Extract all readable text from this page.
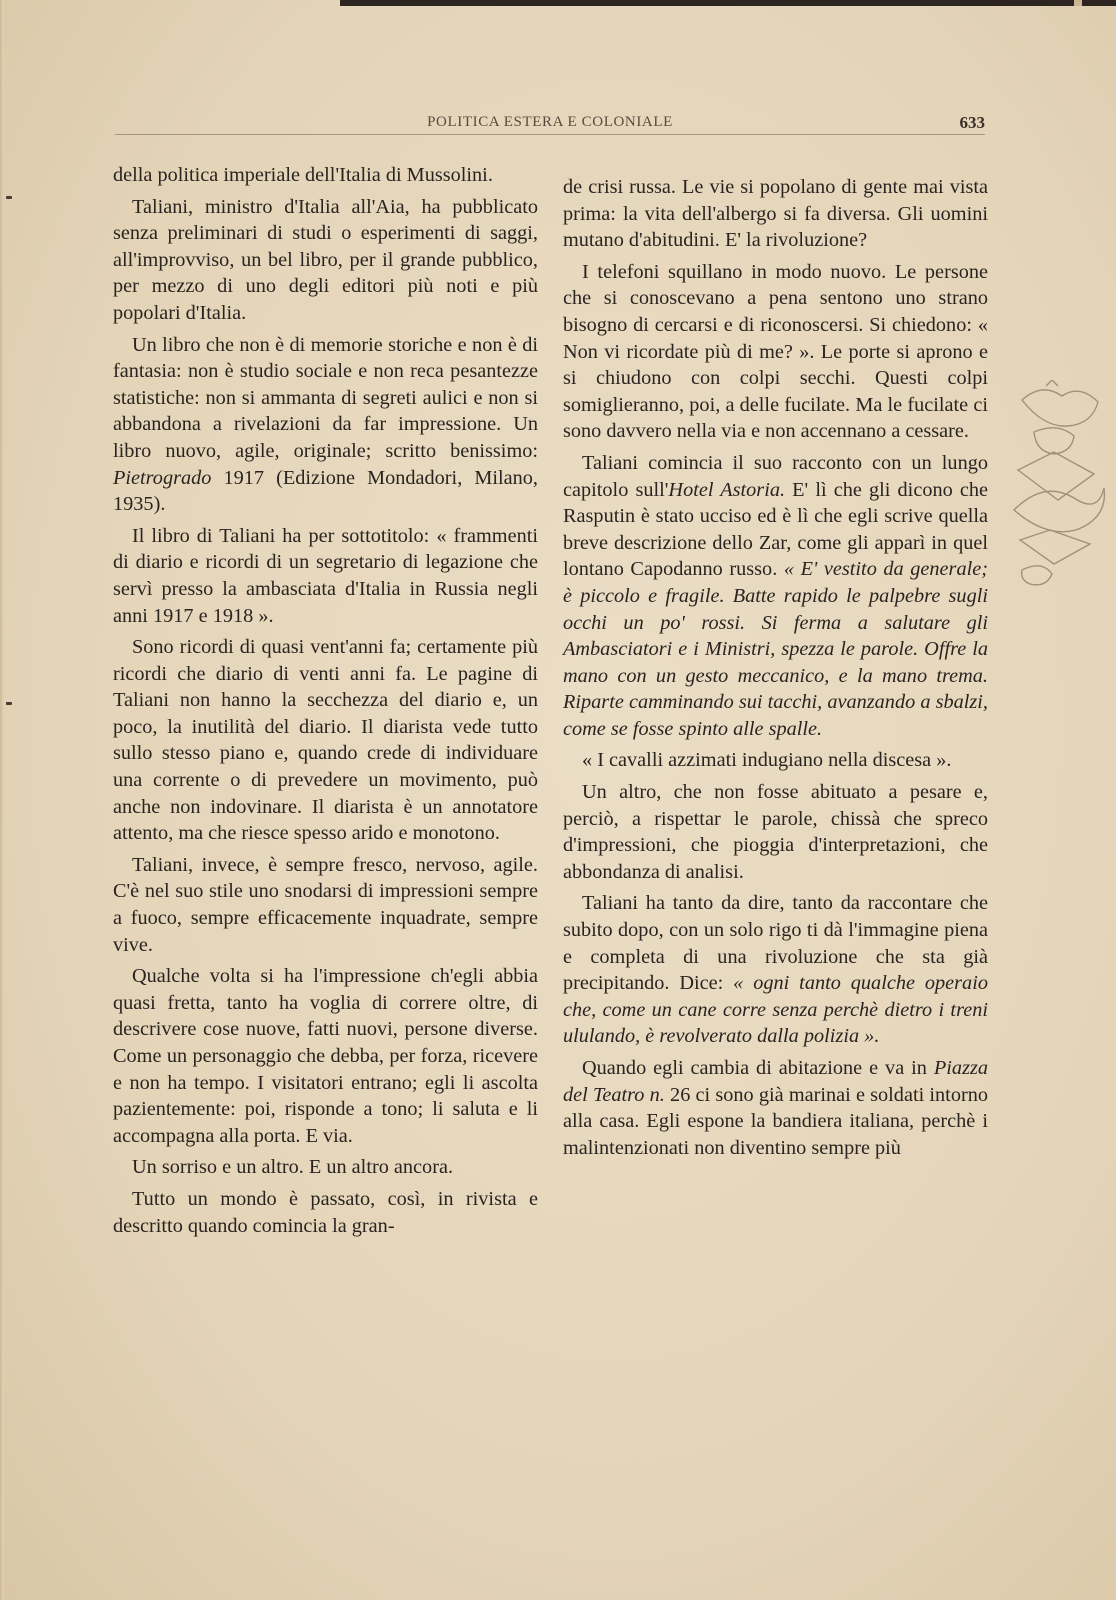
POLITICA ESTERA E COLONIALE	633

della politica imperiale dell'Italia di Mussolini.

Taliani, ministro d'Italia all'Aia, ha pubblicato senza preliminari di studi o esperimenti di saggi, all'improvviso, un bel libro, per il grande pubblico, per mezzo di uno degli editori più noti e più popolari d'Italia.

Un libro che non è di memorie storiche e non è di fantasia: non è studio sociale e non reca pesantezze statistiche: non si ammanta di segreti aulici e non si abbandona a rivelazioni da far impressione. Un libro nuovo, agile, originale; scritto benissimo: Pietrogrado 1917 (Edizione Mondadori, Milano, 1935).

Il libro di Taliani ha per sottotitolo: « frammenti di diario e ricordi di un segretario di legazione che servì presso la ambasciata d'Italia in Russia negli anni 1917 e 1918 ».

Sono ricordi di quasi vent'anni fa; certamente più ricordi che diario di venti anni fa. Le pagine di Taliani non hanno la secchezza del diario e, un poco, la inutilità del diario. Il diarista vede tutto sullo stesso piano e, quando crede di individuare una corrente o di prevedere un movimento, può anche non indovinare. Il diarista è un annotatore attento, ma che riesce spesso arido e monotono.

Taliani, invece, è sempre fresco, nervoso, agile. C'è nel suo stile uno snodarsi di impressioni sempre a fuoco, sempre efficacemente inquadrate, sempre vive.

Qualche volta si ha l'impressione ch'egli abbia quasi fretta, tanto ha voglia di correre oltre, di descrivere cose nuove, fatti nuovi, persone diverse. Come un personaggio che debba, per forza, ricevere e non ha tempo. I visitatori entrano; egli li ascolta pazientemente: poi, risponde a tono; li saluta e li accompagna alla porta. E via.

Un sorriso e un altro. E un altro ancora.

Tutto un mondo è passato, così, in rivista e descritto quando comincia la gran-

de crisi russa. Le vie si popolano di gente mai vista prima: la vita dell'albergo si fa diversa. Gli uomini mutano d'abitudini. E' la rivoluzione?

I telefoni squillano in modo nuovo. Le persone che si conoscevano a pena sentono uno strano bisogno di cercarsi e di riconoscersi. Si chiedono: « Non vi ricordate più di me? ». Le porte si aprono e si chiudono con colpi secchi. Questi colpi somiglieranno, poi, a delle fucilate. Ma le fucilate ci sono davvero nella via e non accennano a cessare.

Taliani comincia il suo racconto con un lungo capitolo sull'Hotel Astoria. E' lì che gli dicono che Rasputin è stato ucciso ed è lì che egli scrive quella breve descrizione dello Zar, come gli apparì in quel lontano Capodanno russo. « E' vestito da generale; è piccolo e fragile. Batte rapido le palpebre sugli occhi un po' rossi. Si ferma a salutare gli Ambasciatori e i Ministri, spezza le parole. Offre la mano con un gesto meccanico, e la mano trema. Riparte camminando sui tacchi, avanzando a sbalzi, come se fosse spinto alle spalle.

« I cavalli azzimati indugiano nella discesa ».

Un altro, che non fosse abituato a pesare e, perciò, a rispettar le parole, chissà che spreco d'impressioni, che pioggia d'interpretazioni, che abbondanza di analisi.

Taliani ha tanto da dire, tanto da raccontare che subito dopo, con un solo rigo ti dà l'immagine piena e completa di una rivoluzione che sta già precipitando. Dice: « ogni tanto qualche operaio che, come un cane corre senza perchè dietro i treni ululando, è revolverato dalla polizia ».

Quando egli cambia di abitazione e va in Piazza del Teatro n. 26 ci sono già marinai e soldati intorno alla casa. Egli espone la bandiera italiana, perchè i malintenzionati non diventino sempre più
